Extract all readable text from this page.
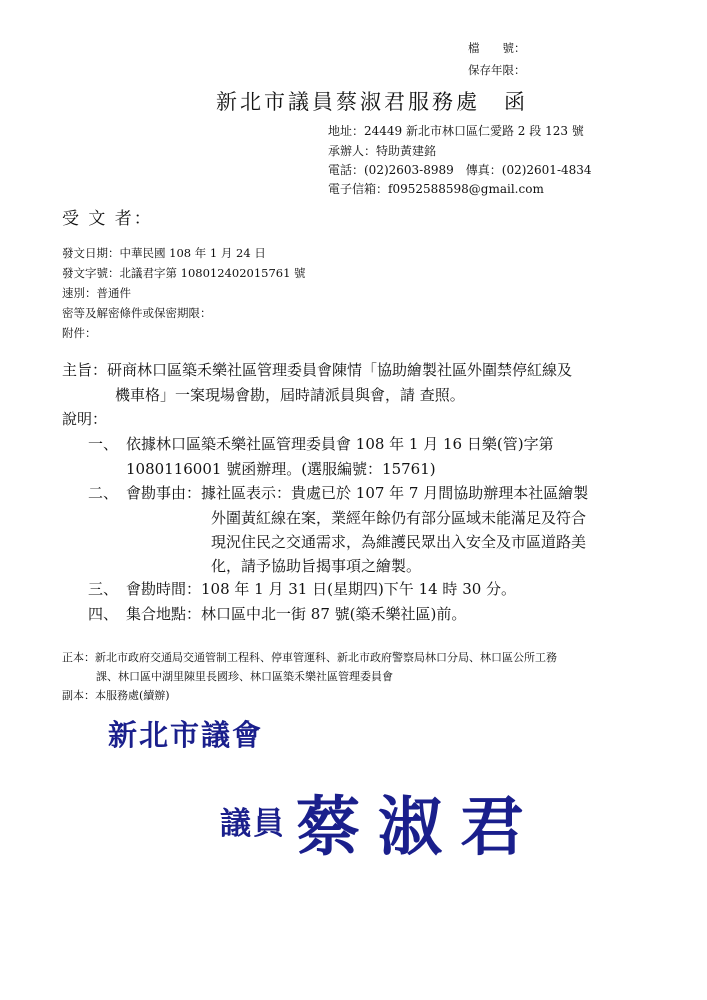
檔　　號：
保存年限：
新北市議員蔡淑君服務處　函
地址：24449 新北市林口區仁愛路 2 段 123 號
承辦人：特助黃建銘
電話：(02)2603-8989　傳真：(02)2601-4834
電子信箱：f0952588598@gmail.com
受 文 者：
發文日期：中華民國 108 年 1 月 24 日
發文字號：北議君字第 108012402015761 號
速別：普通件
密等及解密條件或保密期限：
附件：
主旨：研商林口區築禾樂社區管理委員會陳情「協助繪製社區外圍禁停紅線及
機車格」一案現場會勘，屆時請派員與會，請 查照。
說明：
一、 依據林口區築禾樂社區管理委員會 108 年 1 月 16 日樂(管)字第
1080116001 號函辦理。(選服編號：15761)
二、 會勘事由：據社區表示：貴處已於 107 年 7 月間協助辦理本社區繪製
外圍黃紅線在案，業經年餘仍有部分區域未能滿足及符合
現況住民之交通需求，為維護民眾出入安全及市區道路美
化，請予協助旨揭事項之繪製。
三、 會勘時間：108 年 1 月 31 日(星期四)下午 14 時 30 分。
四、 集合地點：林口區中北一街 87 號(築禾樂社區)前。
正本：新北市政府交通局交通管制工程科、停車管運科、新北市政府警察局林口分局、林口區公所工務
課、林口區中湖里陳里長國珍、林口區築禾樂社區管理委員會
副本：本服務處(續辦)
新北市議會
議員 蔡淑君
